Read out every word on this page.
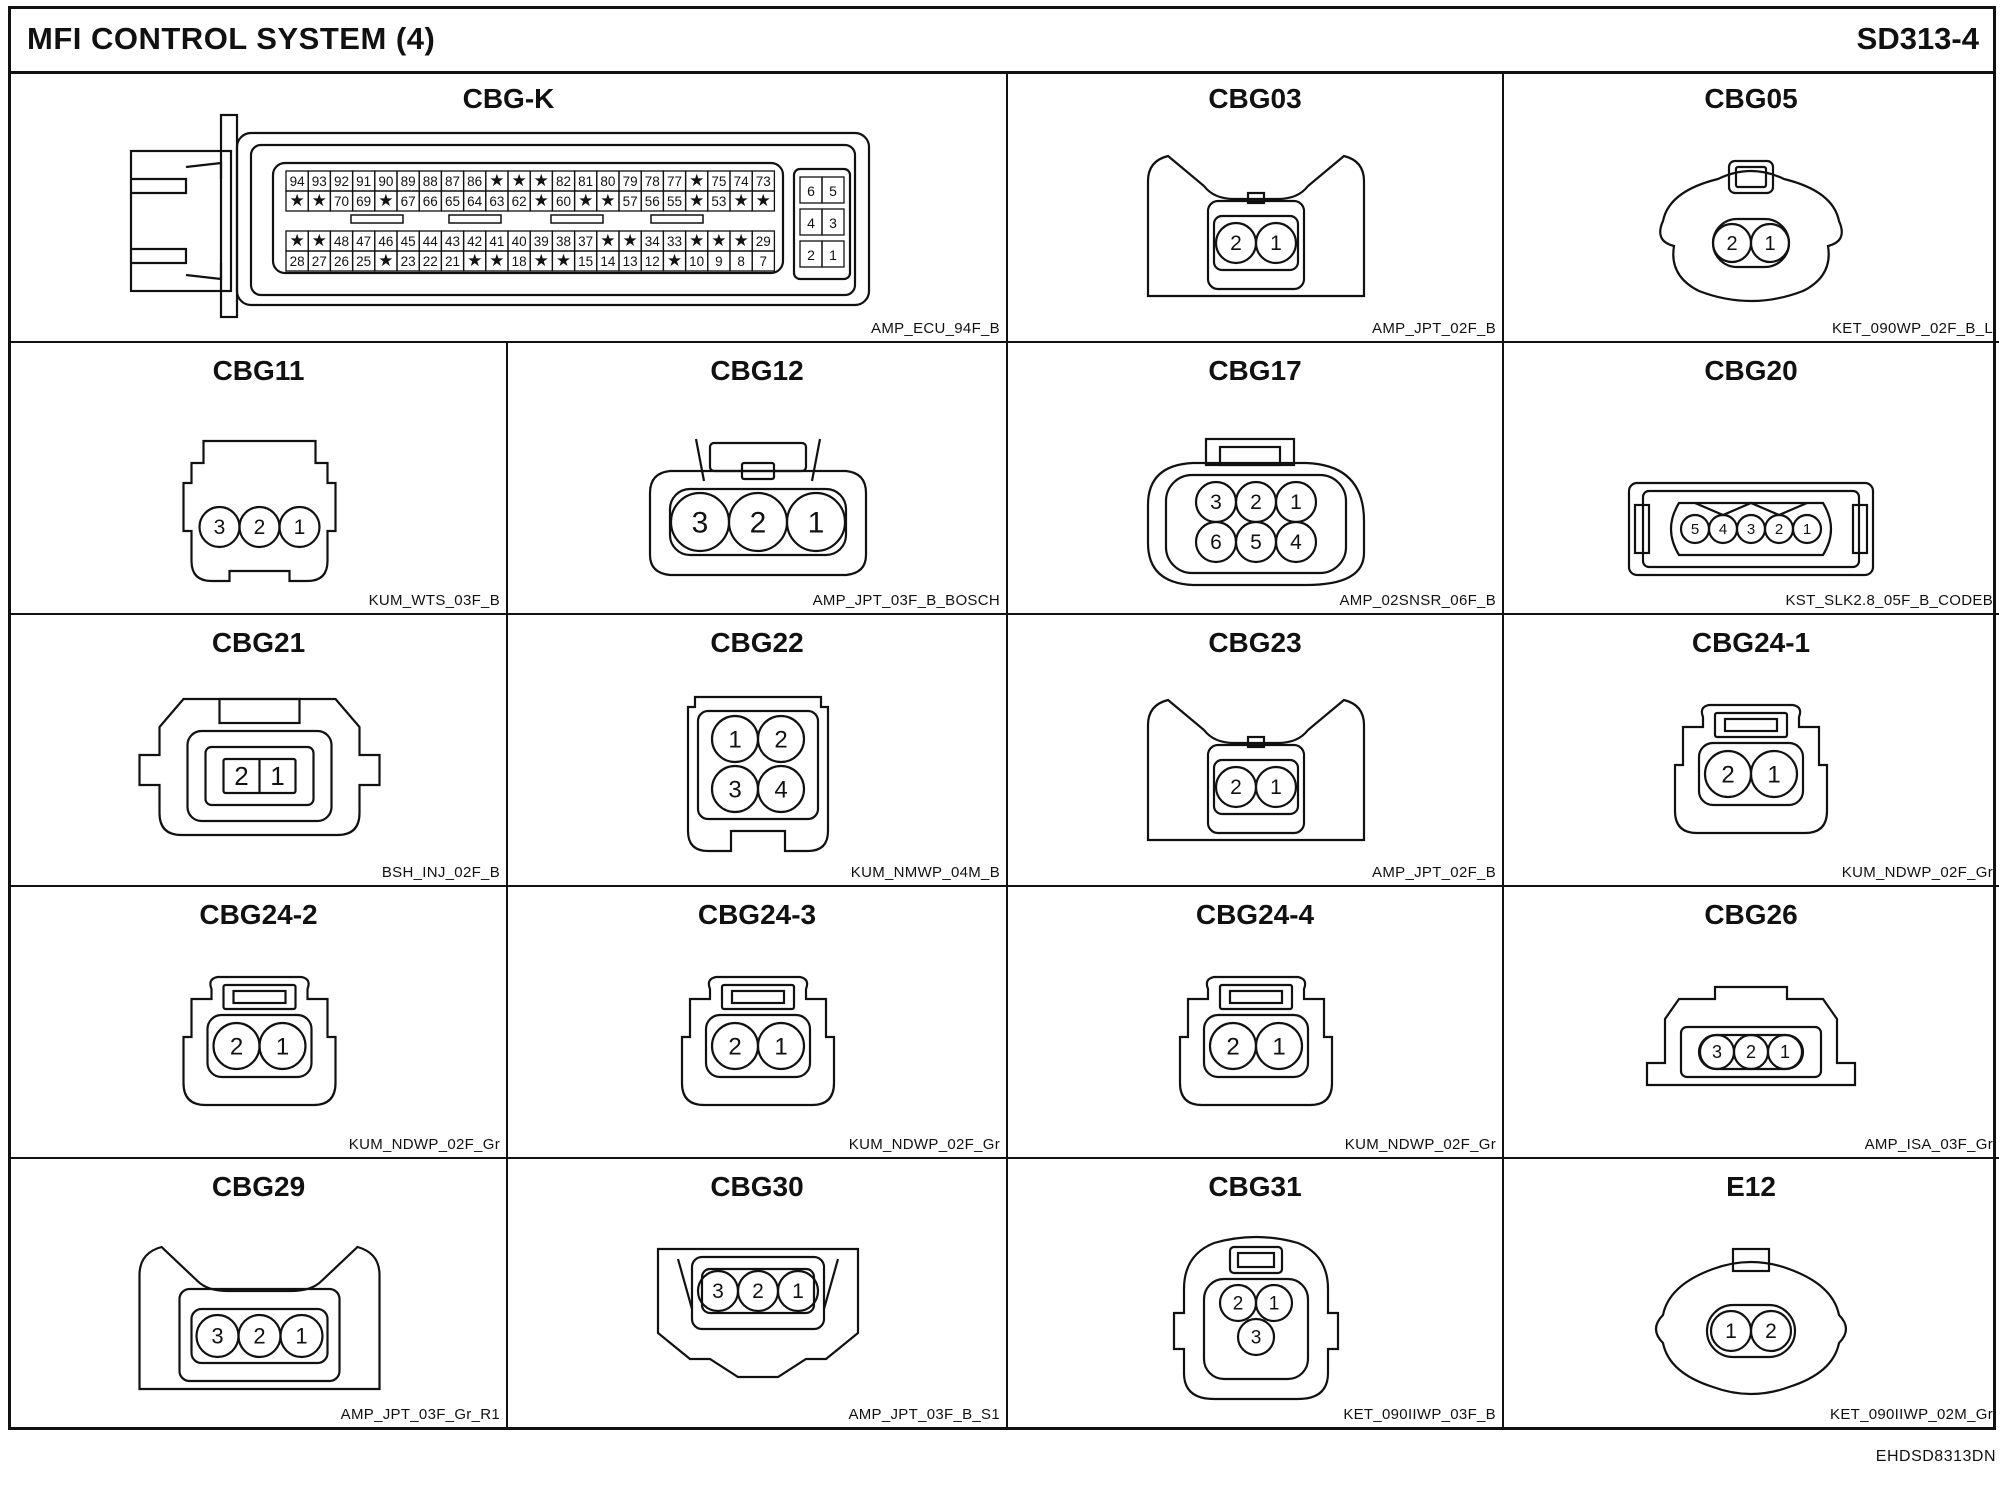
MFI CONTROL SYSTEM (4)	SD313-4
CBG-K
AMP_ECU_94F_B
94 93 92 91 90 89 88 87 86 ★ ★ ★ 82 81 80 79 78 77 ★ 75 74 73
★ ★ 70 69 ★ 67 66 65 64 63 62 ★ 60 ★ ★ 57 56 55 ★ 53 ★ ★
★ ★ 48 47 46 45 44 43 42 41 40 39 38 37 ★ ★ 34 33 ★ ★ ★ 29
28 27 26 25 ★ 23 22 21 ★ ★ 18 ★ ★ 15 14 13 12 ★ 10 9 8 7
6 5
4 3
2 1	2 1
CBG03
AMP_JPT_02F_B
2 1
CBG05
KET_090WP_02F_B_L
3 2 1
CBG11
KUM_WTS_03F_B
3 2 1
CBG12
AMP_JPT_03F_B_BOSCH
3 2 1
6 5 4
CBG17
AMP_02SNSR_06F_B
5 4 3 2 1
CBG20
KST_SLK2.8_05F_B_CODEB
2 1
CBG21
BSH_INJ_02F_B
1 2
3 4
CBG22
KUM_NMWP_04M_B
2 1
CBG23
AMP_JPT_02F_B
2 1
CBG24-1
KUM_NDWP_02F_Gr
2 1
CBG24-2
KUM_NDWP_02F_Gr
2 1
CBG24-3
KUM_NDWP_02F_Gr
2 1
CBG24-4
KUM_NDWP_02F_Gr
3 2 1
CBG26
AMP_ISA_03F_Gr
3 2 1
CBG29
AMP_JPT_03F_Gr_R1
3 2 1
CBG30
AMP_JPT_03F_B_S1
2 1
3
CBG31
KET_090IIWP_03F_B
1 2
E12
KET_090IIWP_02M_Gr
EHDSD8313DN
